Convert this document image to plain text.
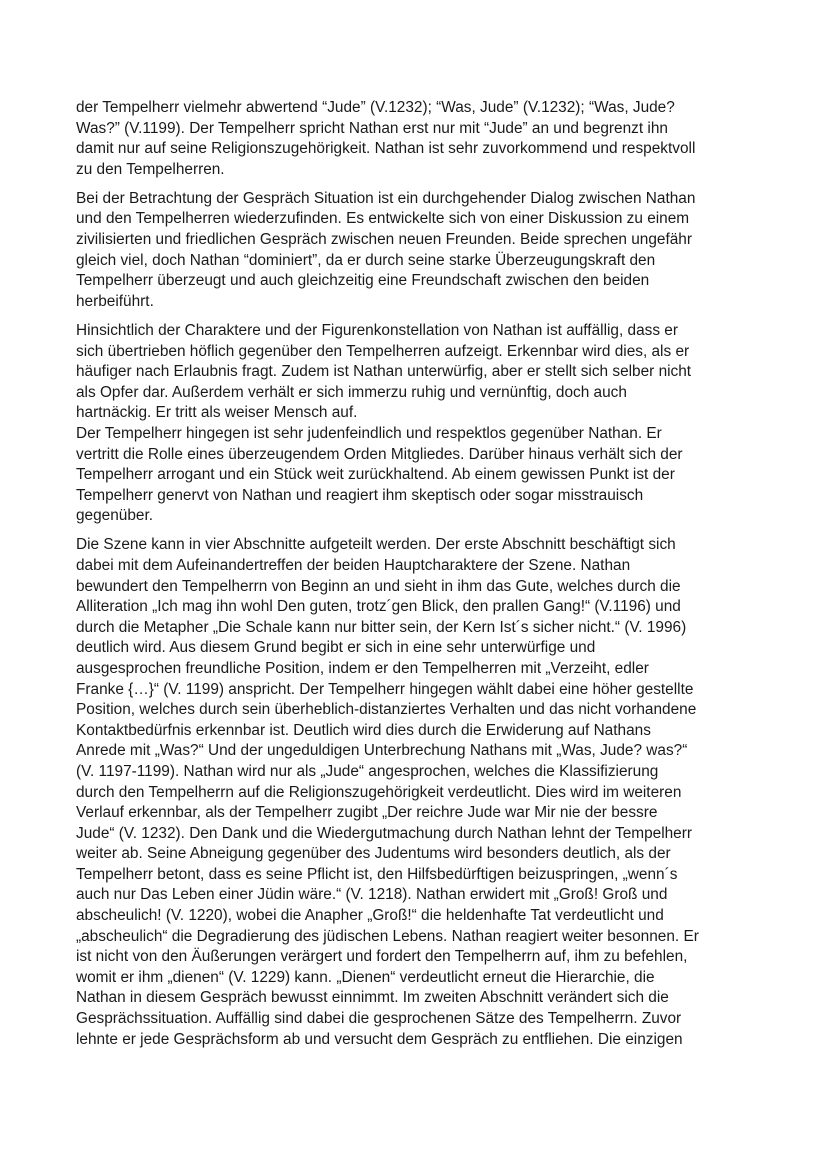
der Tempelherr vielmehr abwertend “Jude” (V.1232); “Was, Jude” (V.1232); “Was, Jude?
Was?” (V.1199). Der Tempelherr spricht Nathan erst nur mit “Jude” an und begrenzt ihn
damit nur auf seine Religionszugehörigkeit. Nathan ist sehr zuvorkommend und respektvoll
zu den Tempelherren.

Bei der Betrachtung der Gespräch Situation ist ein durchgehender Dialog zwischen Nathan
und den Tempelherren wiederzufinden. Es entwickelte sich von einer Diskussion zu einem
zivilisierten und friedlichen Gespräch zwischen neuen Freunden. Beide sprechen ungefähr
gleich viel, doch Nathan “dominiert”, da er durch seine starke Überzeugungskraft den
Tempelherr überzeugt und auch gleichzeitig eine Freundschaft zwischen den beiden
herbeiführt.

Hinsichtlich der Charaktere und der Figurenkonstellation von Nathan ist auffällig, dass er
sich übertrieben höflich gegenüber den Tempelherren aufzeigt. Erkennbar wird dies, als er
häufiger nach Erlaubnis fragt. Zudem ist Nathan unterwürfig, aber er stellt sich selber nicht
als Opfer dar. Außerdem verhält er sich immerzu ruhig und vernünftig, doch auch
hartnäckig. Er tritt als weiser Mensch auf.
Der Tempelherr hingegen ist sehr judenfeindlich und respektlos gegenüber Nathan. Er
vertritt die Rolle eines überzeugendem Orden Mitgliedes. Darüber hinaus verhält sich der
Tempelherr arrogant und ein Stück weit zurückhaltend. Ab einem gewissen Punkt ist der
Tempelherr genervt von Nathan und reagiert ihm skeptisch oder sogar misstrauisch
gegenüber.

Die Szene kann in vier Abschnitte aufgeteilt werden. Der erste Abschnitt beschäftigt sich
dabei mit dem Aufeinandertreffen der beiden Hauptcharaktere der Szene. Nathan
bewundert den Tempelherrn von Beginn an und sieht in ihm das Gute, welches durch die
Alliteration „Ich mag ihn wohl Den guten, trotz´gen Blick, den prallen Gang!“ (V.1196) und
durch die Metapher „Die Schale kann nur bitter sein, der Kern Ist´s sicher nicht.“ (V. 1996)
deutlich wird. Aus diesem Grund begibt er sich in eine sehr unterwürfige und
ausgesprochen freundliche Position, indem er den Tempelherren mit „Verzeiht, edler
Franke {…}“ (V. 1199) anspricht. Der Tempelherr hingegen wählt dabei eine höher gestellte
Position, welches durch sein überheblich-distanziertes Verhalten und das nicht vorhandene
Kontaktbedürfnis erkennbar ist. Deutlich wird dies durch die Erwiderung auf Nathans
Anrede mit „Was?“ Und der ungeduldigen Unterbrechung Nathans mit „Was, Jude? was?“
(V. 1197-1199). Nathan wird nur als „Jude“ angesprochen, welches die Klassifizierung
durch den Tempelherrn auf die Religionszugehörigkeit verdeutlicht. Dies wird im weiteren
Verlauf erkennbar, als der Tempelherr zugibt „Der reichre Jude war Mir nie der bessre
Jude“ (V. 1232). Den Dank und die Wiedergutmachung durch Nathan lehnt der Tempelherr
weiter ab. Seine Abneigung gegenüber des Judentums wird besonders deutlich, als der
Tempelherr betont, dass es seine Pflicht ist, den Hilfsbedürftigen beizuspringen, „wenn´s
auch nur Das Leben einer Jüdin wäre.“ (V. 1218). Nathan erwidert mit „Groß! Groß und
abscheulich! (V. 1220), wobei die Anapher „Groß!“ die heldenhafte Tat verdeutlicht und
„abscheulich“ die Degradierung des jüdischen Lebens. Nathan reagiert weiter besonnen. Er
ist nicht von den Äußerungen verärgert und fordert den Tempelherrn auf, ihm zu befehlen,
womit er ihm „dienen“ (V. 1229) kann. „Dienen“ verdeutlicht erneut die Hierarchie, die
Nathan in diesem Gespräch bewusst einnimmt. Im zweiten Abschnitt verändert sich die
Gesprächssituation. Auffällig sind dabei die gesprochenen Sätze des Tempelherrn. Zuvor
lehnte er jede Gesprächsform ab und versucht dem Gespräch zu entfliehen. Die einzigen
